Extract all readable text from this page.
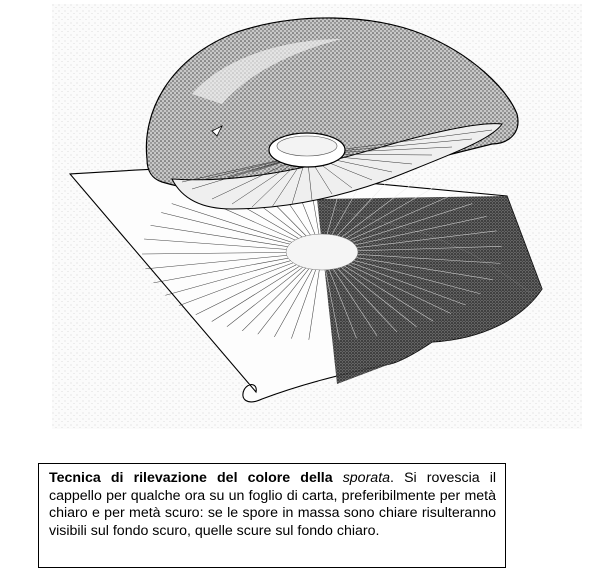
Tecnica di rilevazione del colore della sporata. Si rovescia il cappello per qualche ora su un foglio di carta, preferibilmente per metà chiaro e per metà scuro: se le spore in massa sono chiare risulteranno visibili sul fondo scuro, quelle scure sul fondo chiaro.
